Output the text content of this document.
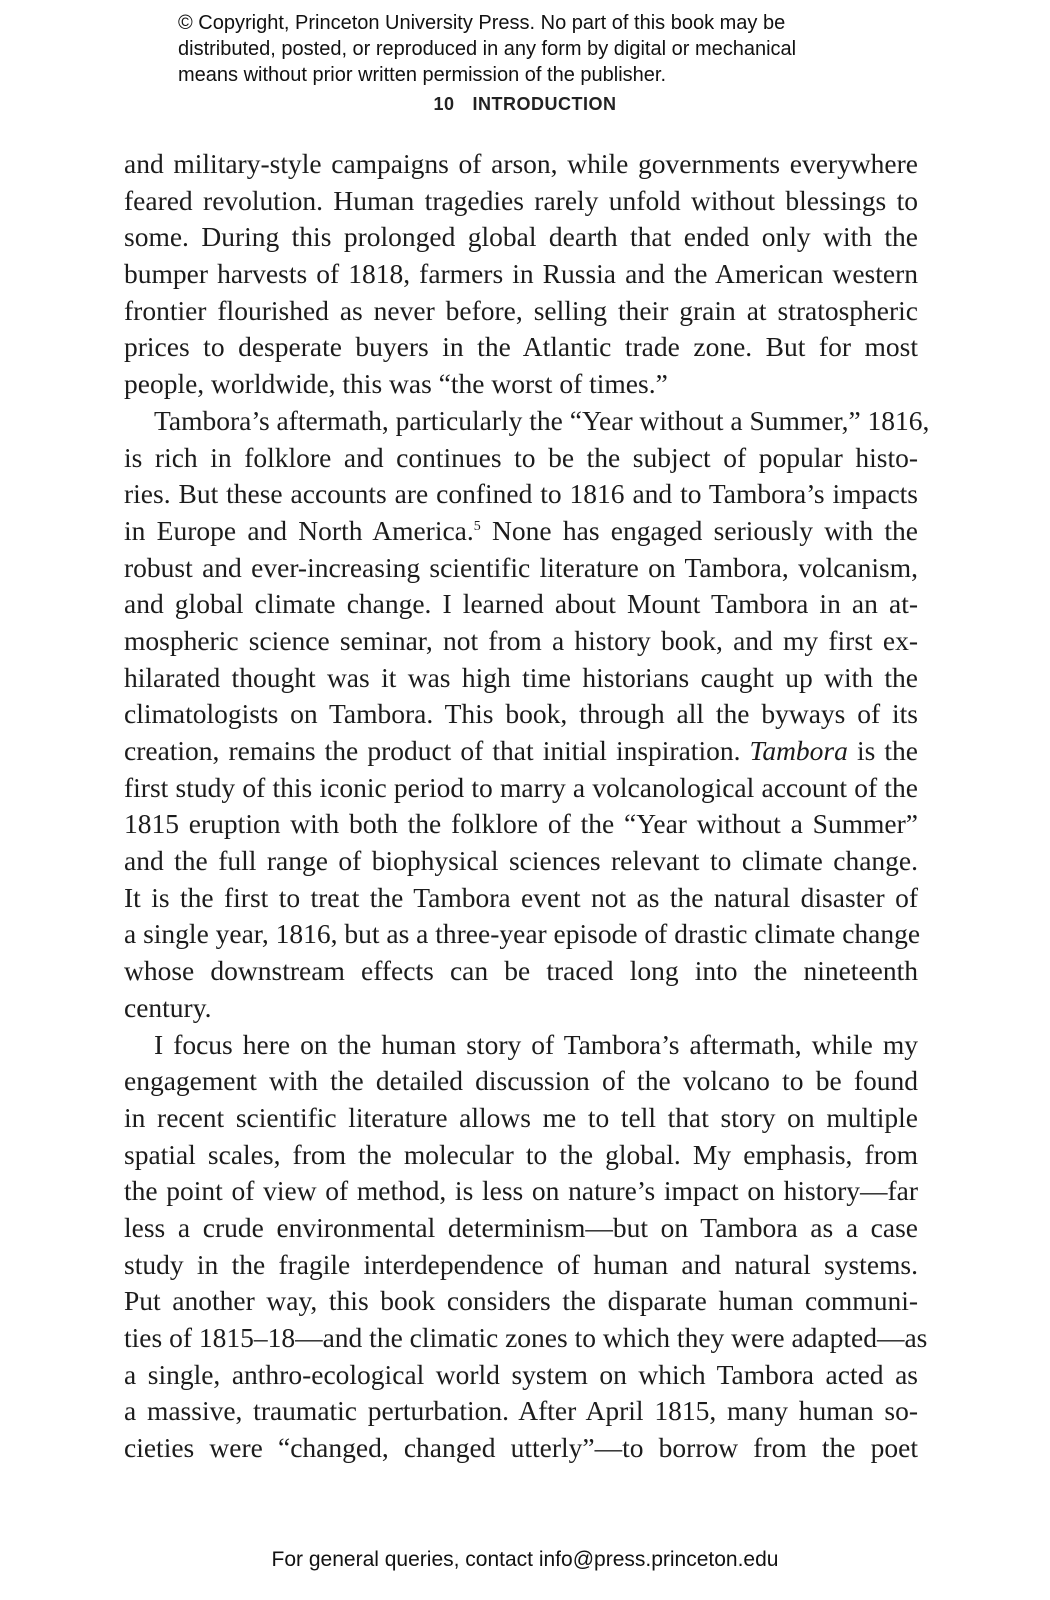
© Copyright, Princeton University Press. No part of this book may be
distributed, posted, or reproduced in any form by digital or mechanical
means without prior written permission of the publisher.
10 INTRODUCTION
and military-style campaigns of arson, while governments everywhere
feared revolution. Human tragedies rarely unfold without blessings to
some. During this prolonged global dearth that ended only with the
bumper harvests of 1818, farmers in Russia and the American western
frontier flourished as never before, selling their grain at stratospheric
prices to desperate buyers in the Atlantic trade zone. But for most
people, worldwide, this was “the worst of times.”
Tambora’s aftermath, particularly the “Year without a Summer,” 1816,
is rich in folklore and continues to be the subject of popular histo-
ries. But these accounts are confined to 1816 and to Tambora’s impacts
in Europe and North America.$^5$ None has engaged seriously with the
robust and ever-increasing scientific literature on Tambora, volcanism,
and global climate change. I learned about Mount Tambora in an at-
mospheric science seminar, not from a history book, and my first ex-
hilarated thought was it was high time historians caught up with the
climatologists on Tambora. This book, through all the byways of its
creation, remains the product of that initial inspiration. Tambora is the
first study of this iconic period to marry a volcanological account of the
1815 eruption with both the folklore of the “Year without a Summer”
and the full range of biophysical sciences relevant to climate change.
It is the first to treat the Tambora event not as the natural disaster of
a single year, 1816, but as a three-year episode of drastic climate change
whose downstream effects can be traced long into the nineteenth
century.
I focus here on the human story of Tambora’s aftermath, while my
engagement with the detailed discussion of the volcano to be found
in recent scientific literature allows me to tell that story on multiple
spatial scales, from the molecular to the global. My emphasis, from
the point of view of method, is less on nature’s impact on history—far
less a crude environmental determinism—but on Tambora as a case
study in the fragile interdependence of human and natural systems.
Put another way, this book considers the disparate human communi-
ties of 1815–18—and the climatic zones to which they were adapted—as
a single, anthro-ecological world system on which Tambora acted as
a massive, traumatic perturbation. After April 1815, many human so-
cieties were “changed, changed utterly”—to borrow from the poet
For general queries, contact info@press.princeton.edu
